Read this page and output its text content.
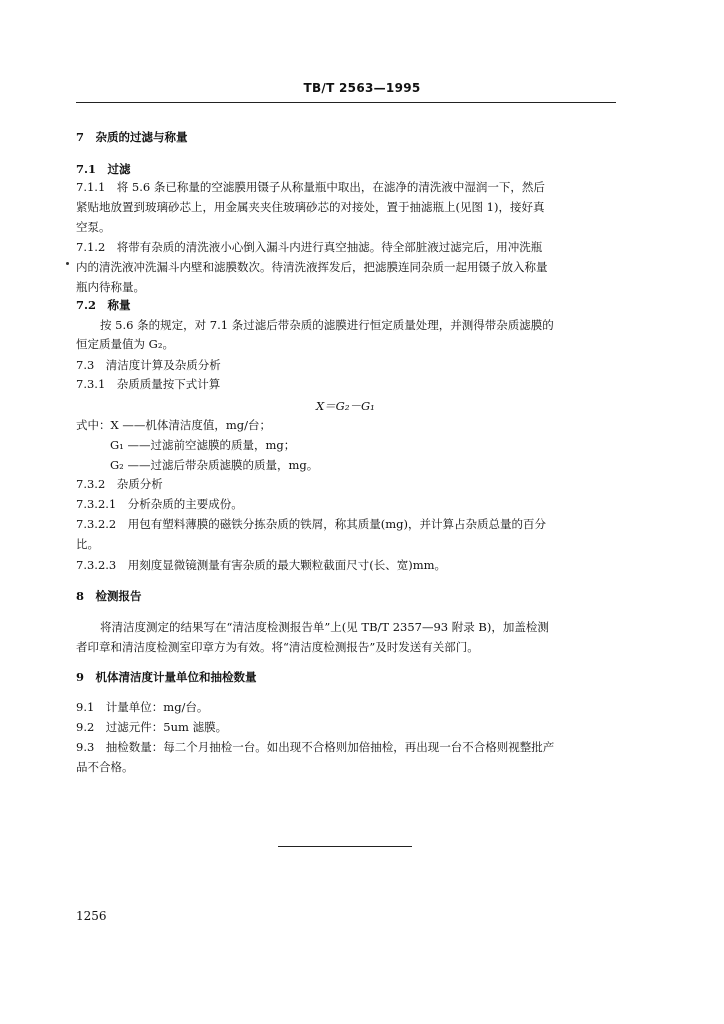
TB/T 2563—1995
7　杂质的过滤与称量
7.1　过滤
7.1.1　将 5.6 条已称量的空滤膜用镊子从称量瓶中取出，在滤净的清洗液中湿润一下，然后
紧贴地放置到玻璃砂芯上，用金属夹夹住玻璃砂芯的对接处，置于抽滤瓶上(见图 1)，接好真
空泵。
7.1.2　将带有杂质的清洗液小心倒入漏斗内进行真空抽滤。待全部脏液过滤完后，用冲洗瓶
内的清洗液冲洗漏斗内壁和滤膜数次。待清洗液挥发后，把滤膜连同杂质一起用镊子放入称量
瓶内待称量。
7.2　称量
按 5.6 条的规定，对 7.1 条过滤后带杂质的滤膜进行恒定质量处理，并测得带杂质滤膜的
恒定质量值为 G₂。
7.3　清洁度计算及杂质分析
7.3.1　杂质质量按下式计算
X＝G₂－G₁
式中：X ——机体清洁度值，mg/台；
G₁ ——过滤前空滤膜的质量，mg；
G₂ ——过滤后带杂质滤膜的质量，mg。
7.3.2　杂质分析
7.3.2.1　分析杂质的主要成份。
7.3.2.2　用包有塑料薄膜的磁铁分拣杂质的铁屑，称其质量(mg)，并计算占杂质总量的百分
比。
7.3.2.3　用刻度显微镜测量有害杂质的最大颗粒截面尺寸(长、宽)mm。
8　检测报告
将清洁度测定的结果写在“清洁度检测报告单”上(见 TB/T 2357—93 附录 B)，加盖检测
者印章和清洁度检测室印章方为有效。将“清洁度检测报告”及时发送有关部门。
9　机体清洁度计量单位和抽检数量
9.1　计量单位：mg/台。
9.2　过滤元件：5um 滤膜。
9.3　抽检数量：每二个月抽检一台。如出现不合格则加倍抽检，再出现一台不合格则视整批产
品不合格。
1256
